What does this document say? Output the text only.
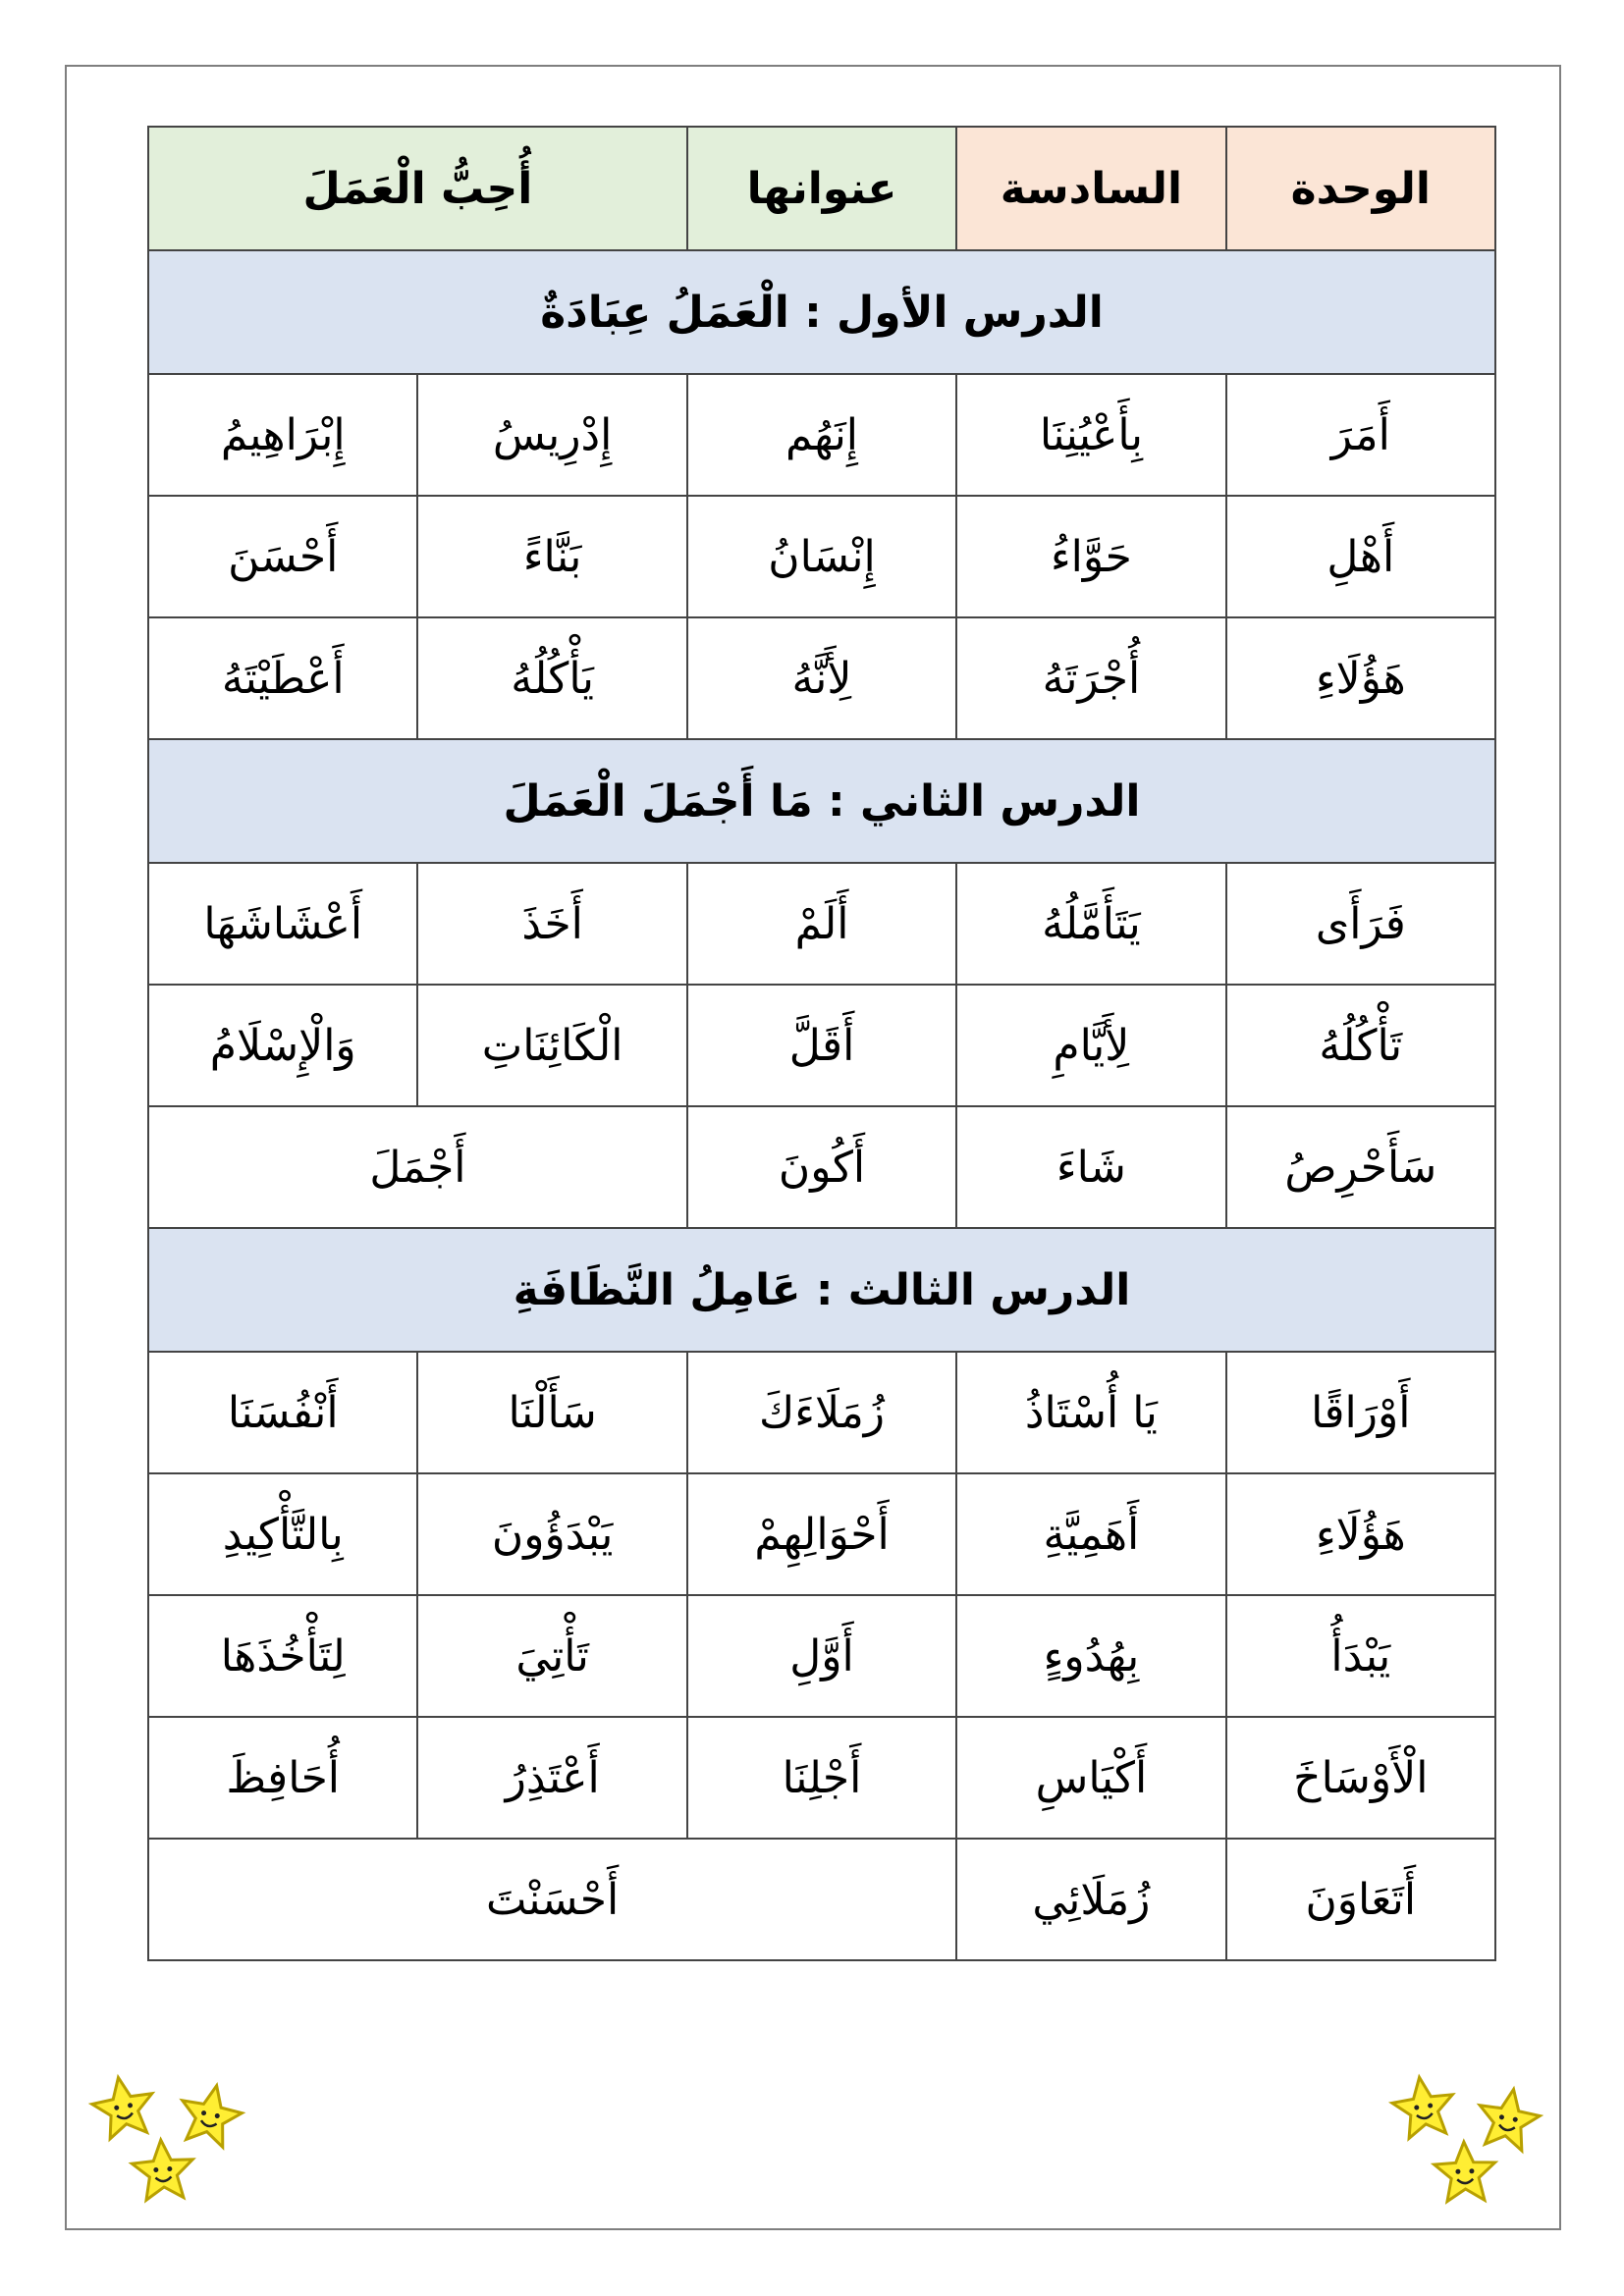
الوحدة	السادسة	عنوانها	أُحِبُّ الْعَمَلَ	
الدرس الأول : الْعَمَلُ عِبَادَةٌ				
أَمَرَ	بِأَعْيُنِنَا	إِنَهُم	إِدْرِيسُ	إِبْرَاهِيمُ
أَهْلِ	حَوَّاءُ	إِنْسَانُ	بَنَّاءً	أَحْسَنَ
هَؤُلَاءِ	أُجْرَتَهُ	لِأَنَّهُ	يَأْكُلُهُ	أَعْطَيْتَهُ
الدرس الثاني : مَا أَجْمَلَ الْعَمَلَ				
فَرَأَى	يَتَأَمَّلُهُ	أَلَمْ	أَخَذَ	أَعْشَاشَهَا
تَأْكُلُهُ	لِأَيَّامِ	أَقَلَّ	الْكَائِنَاتِ	وَالْإِسْلَامُ
سَأَحْرِصُ	شَاءَ	أَكُونَ	أَجْمَلَ	
الدرس الثالث : عَامِلُ النَّظَافَةِ				
أَوْرَاقًا	يَا أُسْتَاذُ	زُمَلَاءَكَ	سَأَلْنَا	أَنْفُسَنَا
هَؤُلَاءِ	أَهَمِيَّةِ	أَحْوَالِهِمْ	يَبْدَؤُونَ	بِالتَّأْكِيدِ
يَبْدَأُ	بِهُدُوءٍ	أَوَّلِ	تَأْتِيَ	لِتَأْخُذَهَا
الْأَوْسَاخَ	أَكْيَاسِ	أَجْلِنَا	أَعْتَذِرُ	أُحَافِظَ
أَتَعَاوَنَ	زُمَلَائِي	أَحْسَنْتَ		
